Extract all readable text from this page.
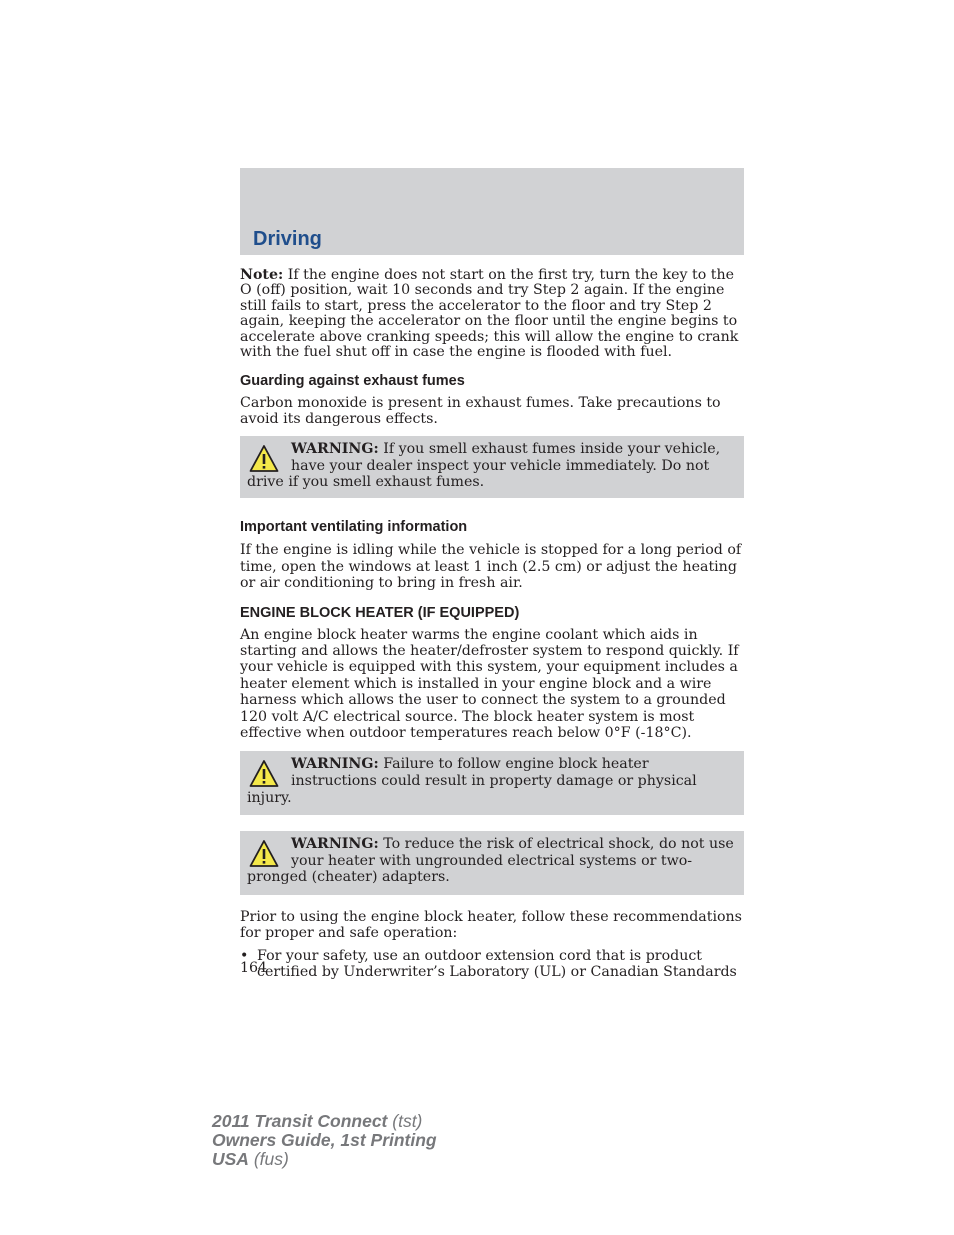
Driving

Note: If the engine does not start on the first try, turn the key to the O (off) position, wait 10 seconds and try Step 2 again. If the engine still fails to start, press the accelerator to the floor and try Step 2 again, keeping the accelerator on the floor until the engine begins to accelerate above cranking speeds; this will allow the engine to crank with the fuel shut off in case the engine is flooded with fuel.

Guarding against exhaust fumes

Carbon monoxide is present in exhaust fumes. Take precautions to avoid its dangerous effects.

WARNING: If you smell exhaust fumes inside your vehicle, have your dealer inspect your vehicle immediately. Do not drive if you smell exhaust fumes.

Important ventilating information

If the engine is idling while the vehicle is stopped for a long period of time, open the windows at least 1 inch (2.5 cm) or adjust the heating or air conditioning to bring in fresh air.

ENGINE BLOCK HEATER (IF EQUIPPED)

An engine block heater warms the engine coolant which aids in starting and allows the heater/defroster system to respond quickly. If your vehicle is equipped with this system, your equipment includes a heater element which is installed in your engine block and a wire harness which allows the user to connect the system to a grounded 120 volt A/C electrical source. The block heater system is most effective when outdoor temperatures reach below 0°F (-18°C).

WARNING: Failure to follow engine block heater instructions could result in property damage or physical injury.

WARNING: To reduce the risk of electrical shock, do not use your heater with ungrounded electrical systems or two-pronged (cheater) adapters.

Prior to using the engine block heater, follow these recommendations for proper and safe operation:

• For your safety, use an outdoor extension cord that is product certified by Underwriter’s Laboratory (UL) or Canadian Standards

164
2011 Transit Connect (tst)
Owners Guide, 1st Printing
USA (fus)
